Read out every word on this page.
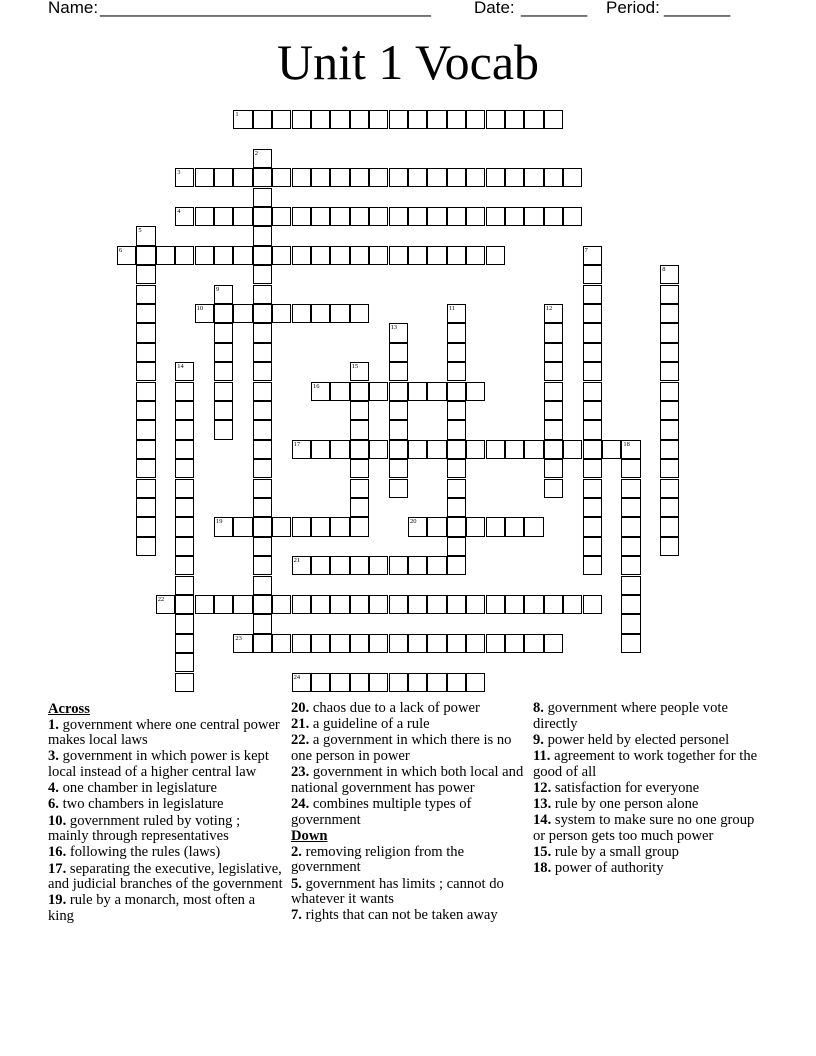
Name: ___________________________________	Date: _______ Period: _______
Unit 1 Vocab
1
2
3
4
5
6	7
8
9
10	11	12
13
14	15
16
17	18
19	20
21
22
23
24
Across
1. government where one central power makes local laws
3. government in which power is kept local instead of a higher central law
4. one chamber in legislature
6. two chambers in legislature
10. government ruled by voting ; mainly through representatives
16. following the rules (laws)
17. separating the executive, legislative, and judicial branches of the government
19. rule by a monarch, most often a king
20. chaos due to a lack of power
21. a guideline of a rule
22. a government in which there is no one person in power
23. government in which both local and national government has power
24. combines multiple types of government
Down
2. removing religion from the government
5. government has limits ; cannot do whatever it wants
7. rights that can not be taken away
8. government where people vote directly
9. power held by elected personel
11. agreement to work together for the good of all
12. satisfaction for everyone
13. rule by one person alone
14. system to make sure no one group or person gets too much power
15. rule by a small group
18. power of authority
